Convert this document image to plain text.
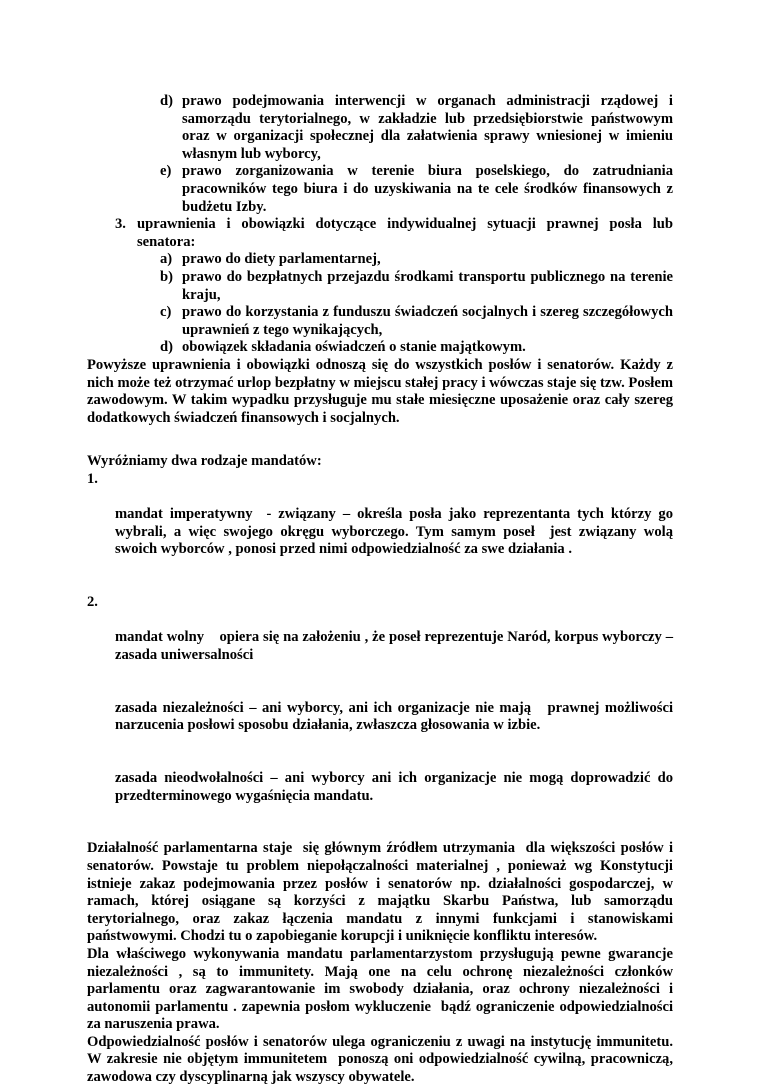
d) prawo podejmowania interwencji w organach administracji rządowej i samorządu terytorialnego, w zakładzie lub przedsiębiorstwie państwowym oraz w organizacji społecznej dla załatwienia sprawy wniesionej w imieniu własnym lub wyborcy,
e) prawo zorganizowania w terenie biura poselskiego, do zatrudniania pracowników tego biura i do uzyskiwania na te cele środków finansowych z budżetu Izby.
3. uprawnienia i obowiązki dotyczące indywidualnej sytuacji prawnej posła lub senatora:
a) prawo do diety parlamentarnej,
b) prawo do bezpłatnych przejazdu środkami transportu publicznego na terenie kraju,
c) prawo do korzystania z funduszu świadczeń socjalnych i szereg szczegółowych uprawnień z tego wynikających,
d) obowiązek składania oświadczeń o stanie majątkowym.

Powyższe uprawnienia i obowiązki odnoszą się do wszystkich posłów i senatorów. Każdy z nich może też otrzymać urlop bezpłatny w miejscu stałej pracy i wówczas staje się tzw. Posłem zawodowym. W takim wypadku przysługuje mu stałe miesięczne uposażenie oraz cały szereg dodatkowych świadczeń finansowych i socjalnych.

Wyróżniamy dwa rodzaje mandatów:

1.

mandat imperatywny  - związany – określa posła jako reprezentanta tych którzy go wybrali, a więc swojego okręgu wyborczego. Tym samym poseł  jest związany wolą swoich wyborców , ponosi przed nimi odpowiedzialność za swe działania .

2.

mandat wolny    opiera się na założeniu , że poseł reprezentuje Naród, korpus wyborczy – zasada uniwersalności

zasada niezależności – ani wyborcy, ani ich organizacje nie mają   prawnej możliwości narzucenia posłowi sposobu działania, zwłaszcza głosowania w izbie.

zasada nieodwołalności – ani wyborcy ani ich organizacje nie mogą doprowadzić do przedterminowego wygaśnięcia mandatu.

Działalność parlamentarna staje  się głównym źródłem utrzymania  dla większości posłów i senatorów. Powstaje tu problem niepołączalności materialnej , ponieważ wg Konstytucji istnieje zakaz podejmowania przez posłów i senatorów np. działalności gospodarczej, w ramach, której osiągane są korzyści z majątku Skarbu Państwa, lub samorządu terytorialnego, oraz zakaz łączenia mandatu z innymi funkcjami i stanowiskami państwowymi. Chodzi tu o zapobieganie korupcji i uniknięcie konfliktu interesów.

Dla właściwego wykonywania mandatu parlamentarzystom przysługują pewne gwarancje niezależności , są to immunitety. Mają one na celu ochronę niezależności członków parlamentu oraz zagwarantowanie im swobody działania, oraz ochrony niezależności i autonomii parlamentu . zapewnia posłom wykluczenie  bądź ograniczenie odpowiedzialności za naruszenia prawa.

Odpowiedzialność posłów i senatorów ulega ograniczeniu z uwagi na instytucję immunitetu. W zakresie nie objętym immunitetem  ponoszą oni odpowiedzialność cywilną, pracowniczą, zawodowa czy dyscyplinarną jak wszyscy obywatele.
